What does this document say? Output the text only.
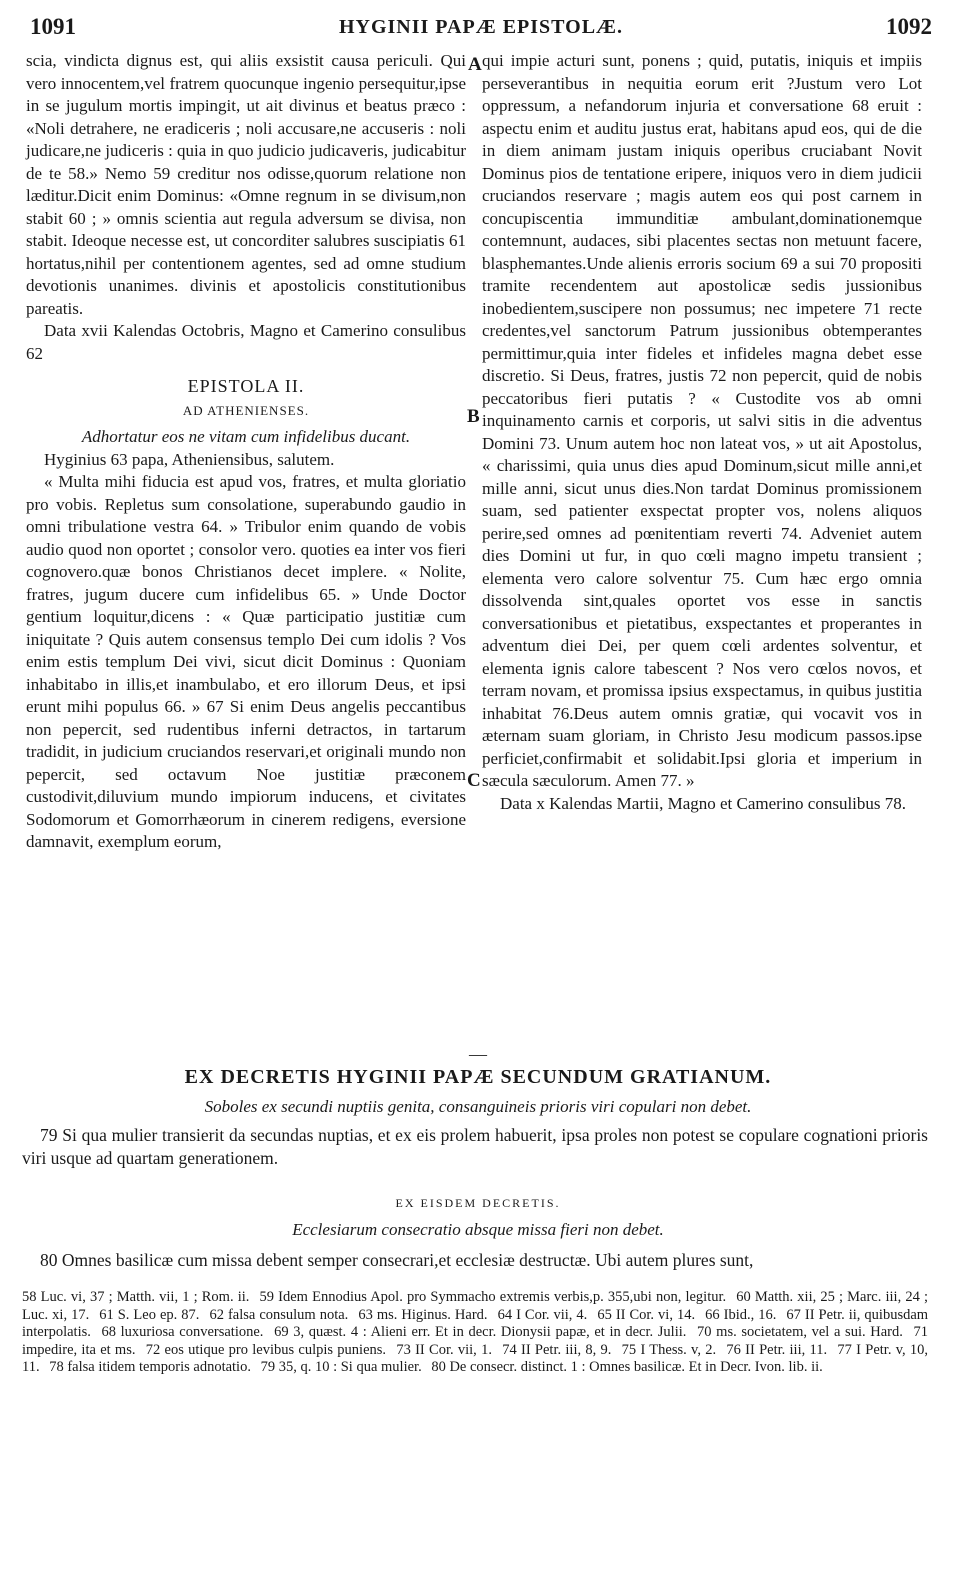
1091	HYGINII PAPÆ EPISTOLÆ.	1092
A
B
C

scia, vindicta dignus est, qui aliis exsistit causa periculi. Qui vero innocentem,vel fratrem quocunque ingenio persequitur,ipse in se jugulum mortis impingit, ut ait divinus et beatus præco : «Noli detrahere, ne eradiceris ; noli accusare,ne accuseris : noli judicare,ne judiceris : quia in quo judicio judicaveris, judicabitur de te 58.» Nemo 59 creditur nos odisse,quorum relatione non læditur.Dicit enim Dominus: «Omne regnum in se divisum,non stabit 60 ; » omnis scientia aut regula adversum se divisa, non stabit. Ideoque necesse est, ut concorditer salubres suscipiatis 61 hortatus,nihil per contentionem agentes, sed ad omne studium devotionis unanimes. divinis et apostolicis constitutionibus pareatis.

Data xvii Kalendas Octobris, Magno et Camerino consulibus 62

EPISTOLA II.
AD ATHENIENSES.
Adhortatur eos ne vitam cum infidelibus ducant.

Hyginius 63 papa, Atheniensibus, salutem.

« Multa mihi fiducia est apud vos, fratres, et multa gloriatio pro vobis. Repletus sum consolatione, superabundo gaudio in omni tribulatione vestra 64. » Tribulor enim quando de vobis audio quod non oportet ; consolor vero. quoties ea inter vos fieri cognovero.quæ bonos Christianos decet implere. « Nolite, fratres, jugum ducere cum infidelibus 65. » Unde Doctor gentium loquitur,dicens : « Quæ participatio justitiæ cum iniquitate ? Quis autem consensus templo Dei cum idolis ? Vos enim estis templum Dei vivi, sicut dicit Dominus : Quoniam inhabitabo in illis,et inambulabo, et ero illorum Deus, et ipsi erunt mihi populus 66. » 67 Si enim Deus angelis peccantibus non pepercit, sed rudentibus inferni detractos, in tartarum tradidit, in judicium cruciandos reservari,et originali mundo non pepercit, sed octavum Noe justitiæ præconem custodivit,diluvium mundo impiorum inducens, et civitates Sodomorum et Gomorrhæorum in cinerem redigens, eversione damnavit, exemplum eorum,

qui impie acturi sunt, ponens ; quid, putatis, iniquis et impiis perseverantibus in nequitia eorum erit ?Justum vero Lot oppressum, a nefandorum injuria et conversatione 68 eruit : aspectu enim et auditu justus erat, habitans apud eos, qui de die in diem animam justam iniquis operibus cruciabant Novit Dominus pios de tentatione eripere, iniquos vero in diem judicii cruciandos reservare ; magis autem eos qui post carnem in concupiscentia immunditiæ ambulant,dominationemque contemnunt, audaces, sibi placentes sectas non metuunt facere, blasphemantes.Unde alienis erroris socium 69 a sui 70 propositi tramite recendentem aut apostolicæ sedis jussionibus inobedientem,suscipere non possumus; nec impetere 71 recte credentes,vel sanctorum Patrum jussionibus obtemperantes permittimur,quia inter fideles et infideles magna debet esse discretio. Si Deus, fratres, justis 72 non pepercit, quid de nobis peccatoribus fieri putatis ? « Custodite vos ab omni inquinamento carnis et corporis, ut salvi sitis in die adventus Domini 73. Unum autem hoc non lateat vos, » ut ait Apostolus, « charissimi, quia unus dies apud Dominum,sicut mille anni,et mille anni, sicut unus dies.Non tardat Dominus promissionem suam, sed patienter exspectat propter vos, nolens aliquos perire,sed omnes ad pœnitentiam reverti 74. Adveniet autem dies Domini ut fur, in quo cœli magno impetu transient ; elementa vero calore solventur 75. Cum hæc ergo omnia dissolvenda sint,quales oportet vos esse in sanctis conversationibus et pietatibus, exspectantes et properantes in adventum diei Dei, per quem cœli ardentes solventur, et elementa ignis calore tabescent ? Nos vero cœlos novos, et terram novam, et promissa ipsius exspectamus, in quibus justitia inhabitat 76.Deus autem omnis gratiæ, qui vocavit vos in æternam suam gloriam, in Christo Jesu modicum passos.ipse perficiet,confirmabit et solidabit.Ipsi gloria et imperium in sæcula sæculorum. Amen 77. »

Data x Kalendas Martii, Magno et Camerino consulibus 78.

—
EX DECRETIS HYGINII PAPÆ SECUNDUM GRATIANUM.
Soboles ex secundi nuptiis genita, consanguineis prioris viri copulari non debet.

79 Si qua mulier transierit da secundas nuptias, et ex eis prolem habuerit, ipsa proles non potest se copulare cognationi prioris viri usque ad quartam generationem.

EX EISDEM DECRETIS.
Ecclesiarum consecratio absque missa fieri non debet.

80 Omnes basilicæ cum missa debent semper consecrari,et ecclesiæ destructæ. Ubi autem plures sunt,

58 Luc. vi, 37 ; Matth. vii, 1 ; Rom. ii. 59 Idem Ennodius Apol. pro Symmacho extremis verbis,p. 355,ubi non, legitur. 60 Matth. xii, 25 ; Marc. iii, 24 ; Luc. xi, 17. 61 S. Leo ep. 87. 62 falsa consulum nota. 63 ms. Higinus. Hard. 64 I Cor. vii, 4. 65 II Cor. vi, 14. 66 Ibid., 16. 67 II Petr. ii, quibusdam interpolatis. 68 luxuriosa conversatione. 69 3, quæst. 4 : Alieni err. Et in decr. Dionysii papæ, et in decr. Julii. 70 ms. societatem, vel a sui. Hard. 71 impedire, ita et ms. 72 eos utique pro levibus culpis puniens. 73 II Cor. vii, 1. 74 II Petr. iii, 8, 9. 75 I Thess. v, 2. 76 II Petr. iii, 11. 77 I Petr. v, 10, 11. 78 falsa itidem temporis adnotatio. 79 35, q. 10 : Si qua mulier. 80 De consecr. distinct. 1 : Omnes basilicæ. Et in Decr. Ivon. lib. ii.
